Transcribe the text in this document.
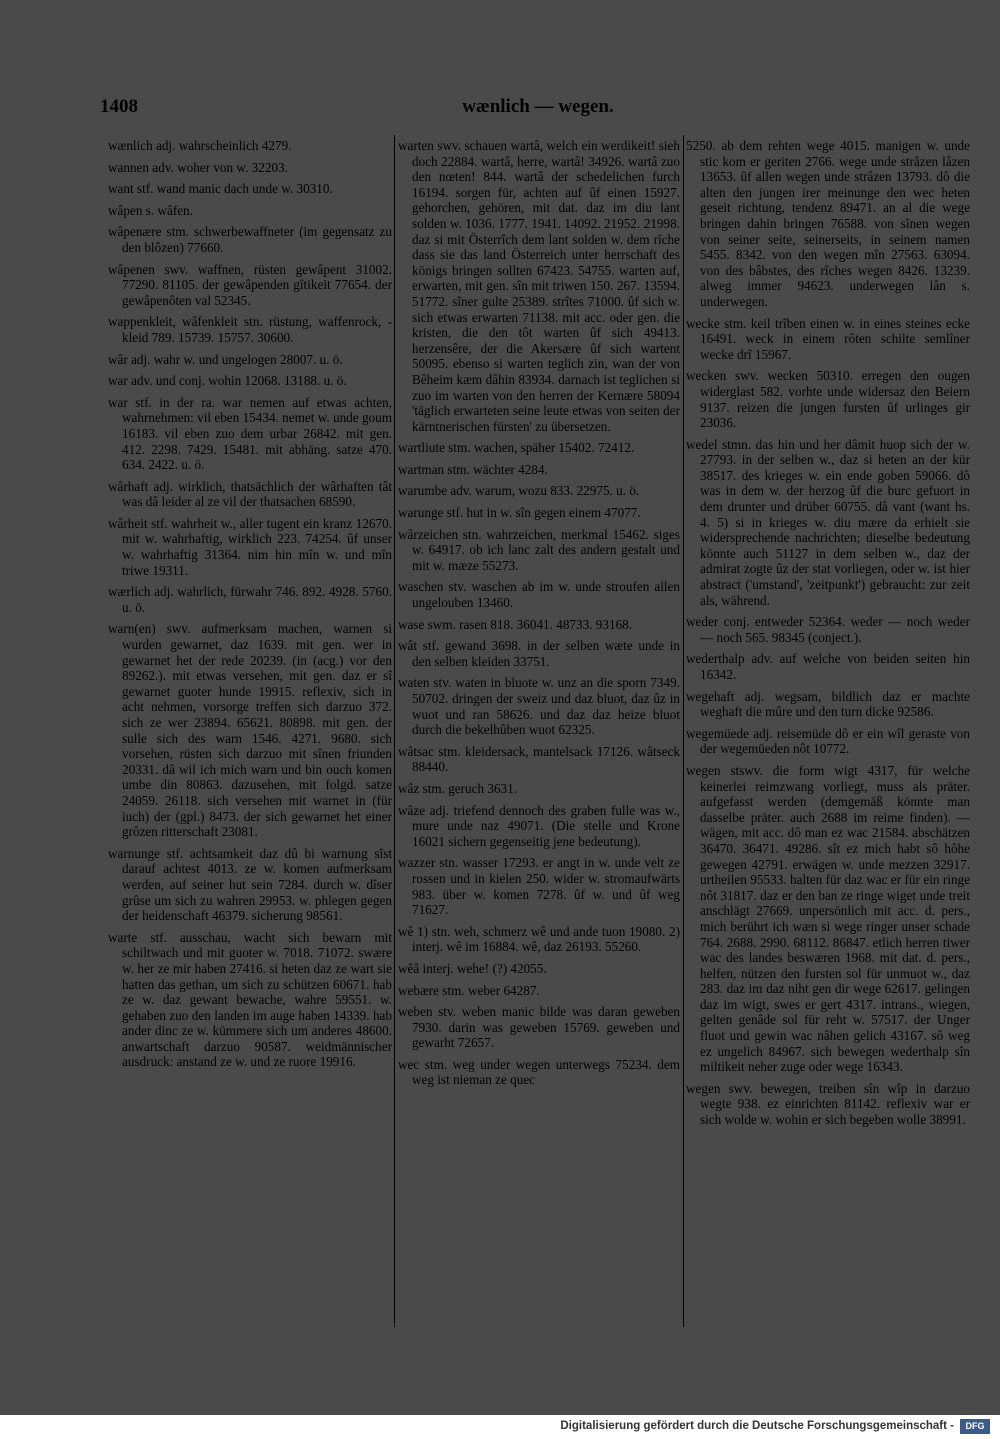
1408	wænlich — wegen.

wænlich adj. wahrscheinlich 4279.

wannen adv. woher von w. 32203.

want stf. wand manic dach unde w. 30310.

wâpen s. wâfen.

wâpenære stm. schwerbewaffneter (im gegensatz zu den blôzen) 77660.

wâpenen swv. waffnen, rüsten gewâpent 31002. 77290. 81105. der gewâpenden gîtikeit 77654. der gewâpenôten val 52345.

wappenkleit, wâfenkleit stn. rüstung, waffenrock, -kleid 789. 15739. 15757. 30600.

wâr adj. wahr w. und ungelogen 28007. u. ö.

war adv. und conj. wohin 12068. 13188. u. ö.

war stf. in der ra. war nemen auf etwas achten, wahrnehmen: vil eben 15434. nemet w. unde goum 16183. vil eben zuo dem urbar 26842. mit gen. 412. 2298. 7429. 15481. mit abhäng. satze 470. 634. 2422. u. ö.

wârhaft adj. wirklich, thatsächlich der wârhaften tât was dâ leider al ze vil der thatsachen 68590.

wârheit stf. wahrheit w., aller tugent ein kranz 12670. mit w. wahrhaftig, wirklich 223. 74254. ûf unser w. wahrhaftig 31364. nim hin mîn w. und mîn triwe 19311.

wærlich adj. wahrlich, fürwahr 746. 892. 4928. 5760. u. ö.

warn(en) swv. aufmerksam machen, warnen si wurden gewarnet, daz 1639. mit gen. wer in gewarnet het der rede 20239. (in (acg.) vor den 89262.). mit etwas versehen, mit gen. daz er sî gewarnet guoter hunde 19915. reflexiv, sich in acht nehmen, vorsorge treffen sich darzuo 372. sich ze wer 23894. 65621. 80898. mit gen. der sulle sich des warn 1546. 4271. 9680. sich vorsehen, rüsten sich darzuo mit sînen friunden 20331. dâ wil ich mich warn und bin ouch komen umbe din 80863. dazusehen, mit folgd. satze 24059. 26118. sich versehen mit warnet in (für iuch) der (gpl.) 8473. der sich gewarnet het einer grôzen ritterschaft 23081.

warnunge stf. achtsamkeit daz dû bi warnung sîst darauf achtest 4013. ze w. komen aufmerksam werden, auf seiner hut sein 7284. durch w. dîser grûse um sich zu wahren 29953. w. phlegen gegen der heidenschaft 46379. sicherung 98561.

warte stf. ausschau, wacht sich bewarn mit schiltwach und mit guoter w. 7018. 71072. swære w. her ze mir haben 27416. si heten daz ze wart sie hatten das gethan, um sich zu schützen 60671. hab ze w. daz gewant bewache, wahre 59551. w. gehaben zuo den landen im auge haben 14339. hab ander dinc ze w. kümmere sich um anderes 48600. anwartschaft darzuo 90587. weidmännischer ausdruck: anstand ze w. und ze ruore 19916.

warten swv. schauen wartâ, welch ein werdikeit! sieh doch 22884. wartâ, herre, wartâ! 34926. wartâ zuo den nœten! 844. wartâ der schedelichen furch 16194. sorgen für, achten auf ûf einen 15927. gehorchen, gehören, mit dat. daz im diu lant solden w. 1036. 1777. 1941. 14092. 21952. 21998. daz si mit Österrîch dem lant solden w. dem rîche dass sie das land Österreich unter herrschaft des königs bringen sollten 67423. 54755. warten auf, erwarten, mit gen. sîn mit triwen 150. 267. 13594. 51772. sîner gulte 25389. strîtes 71000. ûf sich w. sich etwas erwarten 71138. mit acc. oder gen. die kristen, die den tôt warten ûf sich 49413. herzensêre, der die Akersære ûf sich wartent 50095. ebenso si warten teglich zin, wan der von Bêheim kæm dâhin 83934. darnach ist teglichen si zuo im warten von den herren der Kernære 58094 'täglich erwarteten seine leute etwas von seiten der kärntnerischen fürsten' zu übersetzen.

wartliute stm. wachen, späher 15402. 72412.

wartman stm. wächter 4284.

warumbe adv. warum, wozu 833. 22975. u. ö.

warunge stf. hut in w. sîn gegen einem 47077.

wârzeichen stn. wahrzeichen, merkmal 15462. siges w. 64917. ob ich lanc zalt des andern gestalt und mit w. mæze 55273.

waschen stv. waschen ab im w. unde stroufen allen ungelouben 13460.

wase swm. rasen 818. 36041. 48733. 93168.

wât stf. gewand 3698. in der selben wæte unde in den selben kleiden 33751.

waten stv. waten in bluote w. unz an die sporn 7349. 50702. dringen der sweiz und daz bluot, daz ûz in wuot und ran 58626. und daz daz heize bluot durch die bekelhûben wuot 62325.

wâtsac stm. kleidersack, mantelsack 17126. wâtseck 88440.

wâz stm. geruch 3631.

wâze adj. triefend dennoch des graben fulle was w., mure unde naz 49071. (Die stelle und Krone 16021 sichern gegenseitig jene bedeutung).

wazzer stn. wasser 17293. er angt in w. unde velt ze rossen und in kielen 250. wider w. stromaufwärts 983. über w. komen 7278. ûf w. und ûf weg 71627.

wê 1) stn. weh, schmerz wê und ande tuon 19080. 2) interj. wê im 16884. wê, daz 26193. 55260.

wêâ interj. wehe! (?) 42055.

webære stm. weber 64287.

weben stv. weben manic bilde was daran geweben 7930. darin was geweben 15769. geweben und gewarht 72657.

wec stm. weg under wegen unterwegs 75234. dem weg ist nieman ze quec

5250. ab dem rehten wege 4015. manigen w. unde stic kom er geriten 2766. wege unde strâzen lâzen 13653. ûf allen wegen unde strâzen 13793. dô die alten den jungen irer meinunge den wec heten geseit richtung, tendenz 89471. an al die wege bringen dahin bringen 76588. von sînen wegen von seiner seite, seinerseits, in seinem namen 5455. 8342. von den wegen mîn 27563. 63094. von des bâbstes, des rîches wegen 8426. 13239. alweg immer 94623. underwegen lân s. underwegen.

wecke stm. keil trîben einen w. in eines steines ecke 16491. weck in einem rôten schilte semlîner wecke drî 15967.

wecken swv. wecken 50310. erregen den ougen widerglast 582. vorhte unde widersaz den Beiern 9137. reizen die jungen fursten ûf urlinges gir 23036.

wedel stmn. das hin und her dâmit huop sich der w. 27793. in der selben w., daz si heten an der kür 38517. des krieges w. ein ende goben 59066. dô was in dem w. der herzog ûf die burc gefuort in dem drunter und drüber 60755. dâ vant (want hs. 4. 5) si in krieges w. diu mære da erhielt sie widersprechende nachrichten; dieselbe bedeutung könnte auch 51127 in dem selben w., daz der admirat zogte ûz der stat vorliegen, oder w. ist hier abstract ('umstand', 'zeitpunkt') gebraucht: zur zeit als, während.

weder conj. entweder 52364. weder — noch weder — noch 565. 98345 (conject.).

wederthalp adv. auf welche von beiden seiten hin 16342.

wegehaft adj. wegsam, bildlich daz er machte weghaft die mûre und den turn dicke 92586.

wegemüede adj. reisemüde dô er ein wîl geraste von der wegemüeden nôt 10772.

wegen stswv. die form wigt 4317, für welche keinerlei reimzwang vorliegt, muss als präter. aufgefasst werden (demgemäß könnte man dasselbe präter. auch 2688 im reime finden). — wägen, mit acc. dô man ez wac 21584. abschätzen 36470. 36471. 49286. sît ez mich habt sô hôhe gewegen 42791. erwägen w. unde mezzen 32917. urtheilen 95533. halten für daz wac er für ein ringe nôt 31817. daz er den ban ze ringe wiget unde treit anschlägt 27669. unpersönlich mit acc. d. pers., mich berührt ich wæn si wege ringer unser schade 764. 2688. 2990. 68112. 86847. etlich herren tiwer wac des landes beswæren 1968. mit dat. d. pers., helfen, nützen den fursten sol für unmuot w., daz 283. daz im daz niht gen dir wege 62617. gelingen daz im wigt, swes er gert 4317. intrans., wiegen, gelten genâde sol für reht w. 57517. der Unger fluot und gewin wac nâhen gelich 43167. sô weg ez ungelich 84967. sich bewegen wederthalp sîn miltikeit neher zuge oder wege 16343.

wegen swv. bewegen, treiben sîn wîp in darzuo wegte 938. ez einrichten 81142. reflexiv war er sich wolde w. wohin er sich begeben wolle 38991.

Digitalisierung gefördert durch die Deutsche Forschungsgemeinschaft -	DFG
